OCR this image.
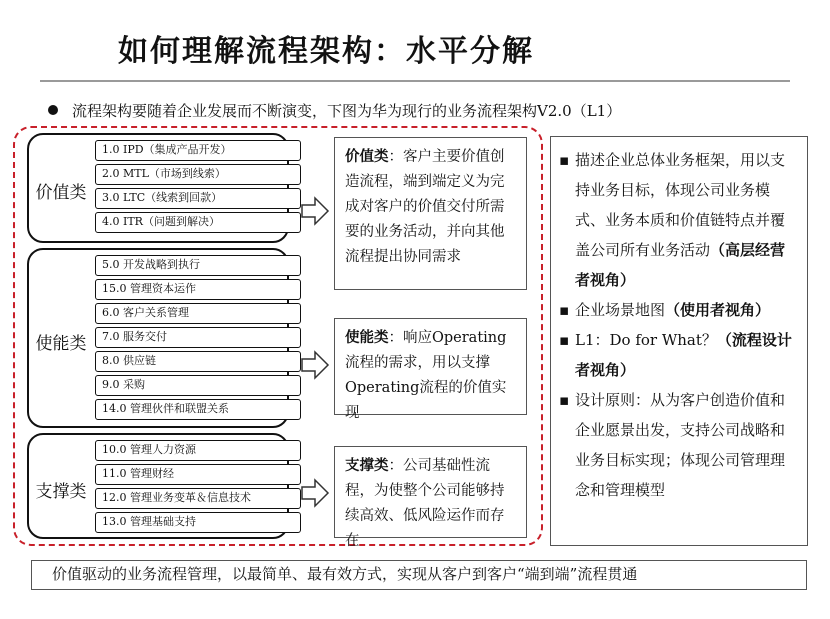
如何理解流程架构：水平分解
流程架构要随着企业发展而不断演变，下图为华为现行的业务流程架构V2.0（L1）
价值类
1.0 IPD（集成产品开发）
2.0 MTL（市场到线索）
3.0 LTC（线索到回款）
4.0 ITR（问题到解决）
使能类
5.0 开发战略到执行
15.0 管理资本运作
6.0 客户关系管理
7.0 服务交付
8.0 供应链
9.0 采购
14.0 管理伙伴和联盟关系
支撑类
10.0 管理人力资源
11.0 管理财经
12.0 管理业务变革＆信息技术
13.0 管理基础支持
价值类：客户主要价值创造流程，端到端定义为完成对客户的价值交付所需要的业务活动，并向其他流程提出协同需求
使能类：响应Operating流程的需求，用以支撑Operating流程的价值实现
支撑类：公司基础性流程，为使整个公司能够持续高效、低风险运作而存在
▪ 描述企业总体业务框架，用以支持业务目标，体现公司业务模式、业务本质和价值链特点并覆盖公司所有业务活动（高层经营者视角）
▪ 企业场景地图（使用者视角）
▪ L1：Do for What？（流程设计者视角）
▪ 设计原则：从为客户创造价值和企业愿景出发，支持公司战略和业务目标实现；体现公司管理理念和管理模型
价值驱动的业务流程管理，以最简单、最有效方式，实现从客户到客户“端到端”流程贯通
